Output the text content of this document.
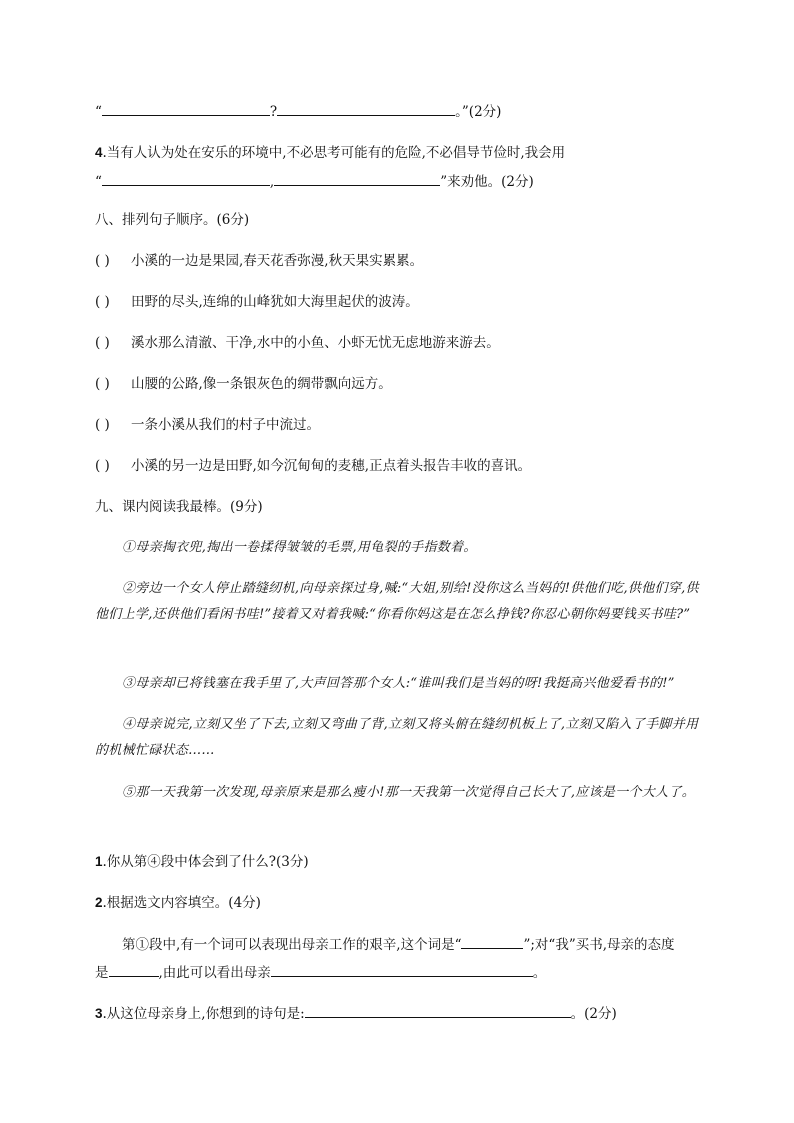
“	?	。”(2分)
4.当有人认为处在安乐的环境中,不必思考可能有的危险,不必倡导节俭时,我会用
“	,	”来劝他。(2分)
八、排列句子顺序。(6分)
( ) 小溪的一边是果园,春天花香弥漫,秋天果实累累。
( ) 田野的尽头,连绵的山峰犹如大海里起伏的波涛。
( ) 溪水那么清澈、干净,水中的小鱼、小虾无忧无虑地游来游去。
( ) 山腰的公路,像一条银灰色的绸带飘向远方。
( ) 一条小溪从我们的村子中流过。
( ) 小溪的另一边是田野,如今沉甸甸的麦穗,正点着头报告丰收的喜讯。
九、课内阅读我最棒。(9分)
①母亲掏衣兜,掏出一卷揉得皱皱的毛票,用龟裂的手指数着。
②旁边一个女人停止踏缝纫机,向母亲探过身,喊:“大姐,别给!没你这么当妈的!供他们吃,供他们穿,供他们上学,还供他们看闲书哇!”接着又对着我喊:“你看你妈这是在怎么挣钱?你忍心朝你妈要钱买书哇?”
③母亲却已将钱塞在我手里了,大声回答那个女人:“谁叫我们是当妈的呀!我挺高兴他爱看书的!”
④母亲说完,立刻又坐了下去,立刻又弯曲了背,立刻又将头俯在缝纫机板上了,立刻又陷入了手脚并用的机械忙碌状态……
⑤那一天我第一次发现,母亲原来是那么瘦小!那一天我第一次觉得自己长大了,应该是一个大人了。
1.你从第④段中体会到了什么?(3分)
2.根据选文内容填空。(4分)
第①段中,有一个词可以表现出母亲工作的艰辛,这个词是“	”;对“我”买书,母亲的态度
是	,由此可以看出母亲	。
3.从这位母亲身上,你想到的诗句是:	。(2分)
